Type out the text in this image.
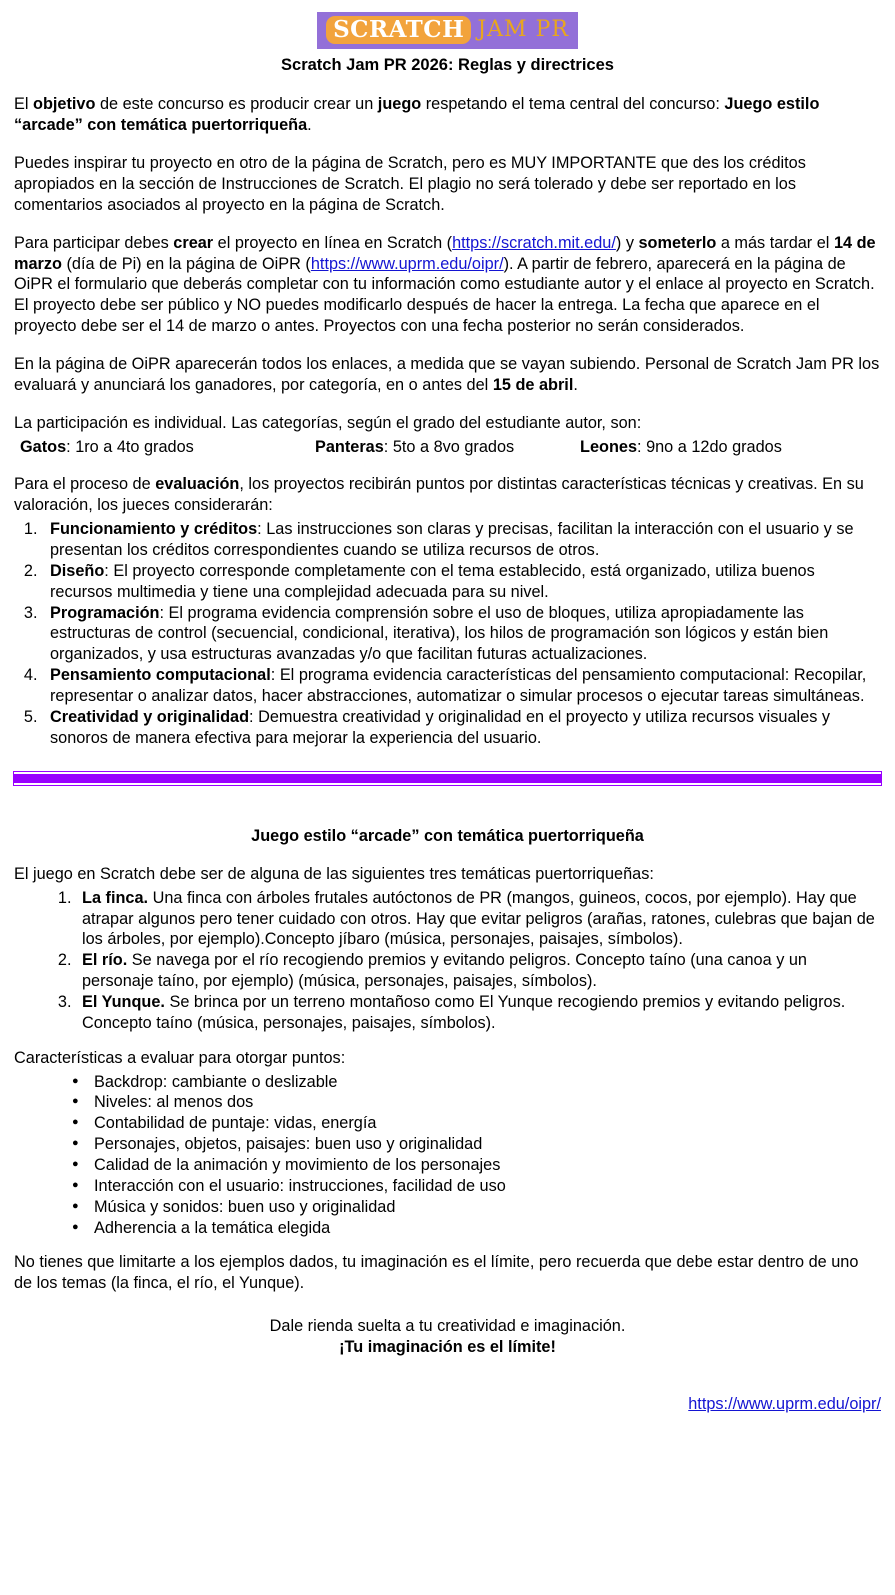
SCRATCH JAM PR
Scratch Jam PR 2026: Reglas y directrices

El objetivo de este concurso es producir crear un juego respetando el tema central del concurso: Juego estilo “arcade” con temática puertorriqueña.

Puedes inspirar tu proyecto en otro de la página de Scratch, pero es MUY IMPORTANTE que des los créditos apropiados en la sección de Instrucciones de Scratch. El plagio no será tolerado y debe ser reportado en los comentarios asociados al proyecto en la página de Scratch.

Para participar debes crear el proyecto en línea en Scratch (https://scratch.mit.edu/) y someterlo a más tardar el 14 de marzo (día de Pi) en la página de OiPR (https://www.uprm.edu/oipr/). A partir de febrero, aparecerá en la página de OiPR el formulario que deberás completar con tu información como estudiante autor y el enlace al proyecto en Scratch. El proyecto debe ser público y NO puedes modificarlo después de hacer la entrega. La fecha que aparece en el proyecto debe ser el 14 de marzo o antes. Proyectos con una fecha posterior no serán considerados.

En la página de OiPR aparecerán todos los enlaces, a medida que se vayan subiendo. Personal de Scratch Jam PR los evaluará y anunciará los ganadores, por categoría, en o antes del 15 de abril.

La participación es individual. Las categorías, según el grado del estudiante autor, son:

Gatos: 1ro a 4to grados	Panteras: 5to a 8vo grados	Leones: 9no a 12do grados

Para el proceso de evaluación, los proyectos recibirán puntos por distintas características técnicas y creativas. En su valoración, los jueces considerarán:

1. Funcionamiento y créditos: Las instrucciones son claras y precisas, facilitan la interacción con el usuario y se presentan los créditos correspondientes cuando se utiliza recursos de otros.
2. Diseño: El proyecto corresponde completamente con el tema establecido, está organizado, utiliza buenos recursos multimedia y tiene una complejidad adecuada para su nivel.
3. Programación: El programa evidencia comprensión sobre el uso de bloques, utiliza apropiadamente las estructuras de control (secuencial, condicional, iterativa), los hilos de programación son lógicos y están bien organizados, y usa estructuras avanzadas y/o que facilitan futuras actualizaciones.
4. Pensamiento computacional: El programa evidencia características del pensamiento computacional: Recopilar, representar o analizar datos, hacer abstracciones, automatizar o simular procesos o ejecutar tareas simultáneas.
5. Creatividad y originalidad: Demuestra creatividad y originalidad en el proyecto y utiliza recursos visuales y sonoros de manera efectiva para mejorar la experiencia del usuario.
Juego estilo “arcade” con temática puertorriqueña

El juego en Scratch debe ser de alguna de las siguientes tres temáticas puertorriqueñas:

1. La finca. Una finca con árboles frutales autóctonos de PR (mangos, guineos, cocos, por ejemplo). Hay que atrapar algunos pero tener cuidado con otros. Hay que evitar peligros (arañas, ratones, culebras que bajan de los árboles, por ejemplo).Concepto jíbaro (música, personajes, paisajes, símbolos).
2. El río. Se navega por el río recogiendo premios y evitando peligros. Concepto taíno (una canoa y un personaje taíno, por ejemplo) (música, personajes, paisajes, símbolos).
3. El Yunque. Se brinca por un terreno montañoso como El Yunque recogiendo premios y evitando peligros. Concepto taíno (música, personajes, paisajes, símbolos).

Características a evaluar para otorgar puntos:

● Backdrop: cambiante o deslizable
● Niveles: al menos dos
● Contabilidad de puntaje: vidas, energía
● Personajes, objetos, paisajes: buen uso y originalidad
● Calidad de la animación y movimiento de los personajes
● Interacción con el usuario: instrucciones, facilidad de uso
● Música y sonidos: buen uso y originalidad
● Adherencia a la temática elegida

No tienes que limitarte a los ejemplos dados, tu imaginación es el límite, pero recuerda que debe estar dentro de uno de los temas (la finca, el río, el Yunque).

Dale rienda suelta a tu creatividad e imaginación.
¡Tu imaginación es el límite!
https://www.uprm.edu/oipr/
